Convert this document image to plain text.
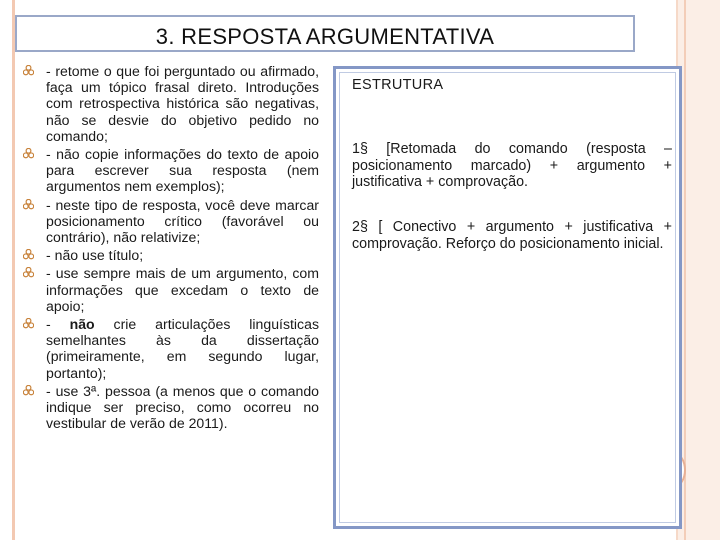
3. RESPOSTA ARGUMENTATIVA
- retome o que foi perguntado ou afirmado, faça um tópico frasal direto. Introduções com retrospectiva histórica são negativas, não se desvie do objetivo pedido no comando;
- não copie informações do texto de apoio para escrever sua resposta (nem argumentos nem exemplos);
- neste tipo de resposta, você deve marcar posicionamento crítico (favorável ou contrário), não relativize;
- não use título;
- use sempre mais de um argumento, com informações que excedam o texto de apoio;
- não crie articulações linguísticas semelhantes às da dissertação (primeiramente, em segundo lugar, portanto);
- use 3ª. pessoa (a menos que o comando indique ser preciso, como ocorreu no vestibular de verão de 2011).
ESTRUTURA
1§ [Retomada do comando (resposta – posicionamento marcado) + argumento + justificativa + comprovação.
2§ [ Conectivo + argumento + justificativa + comprovação. Reforço do posicionamento inicial.
